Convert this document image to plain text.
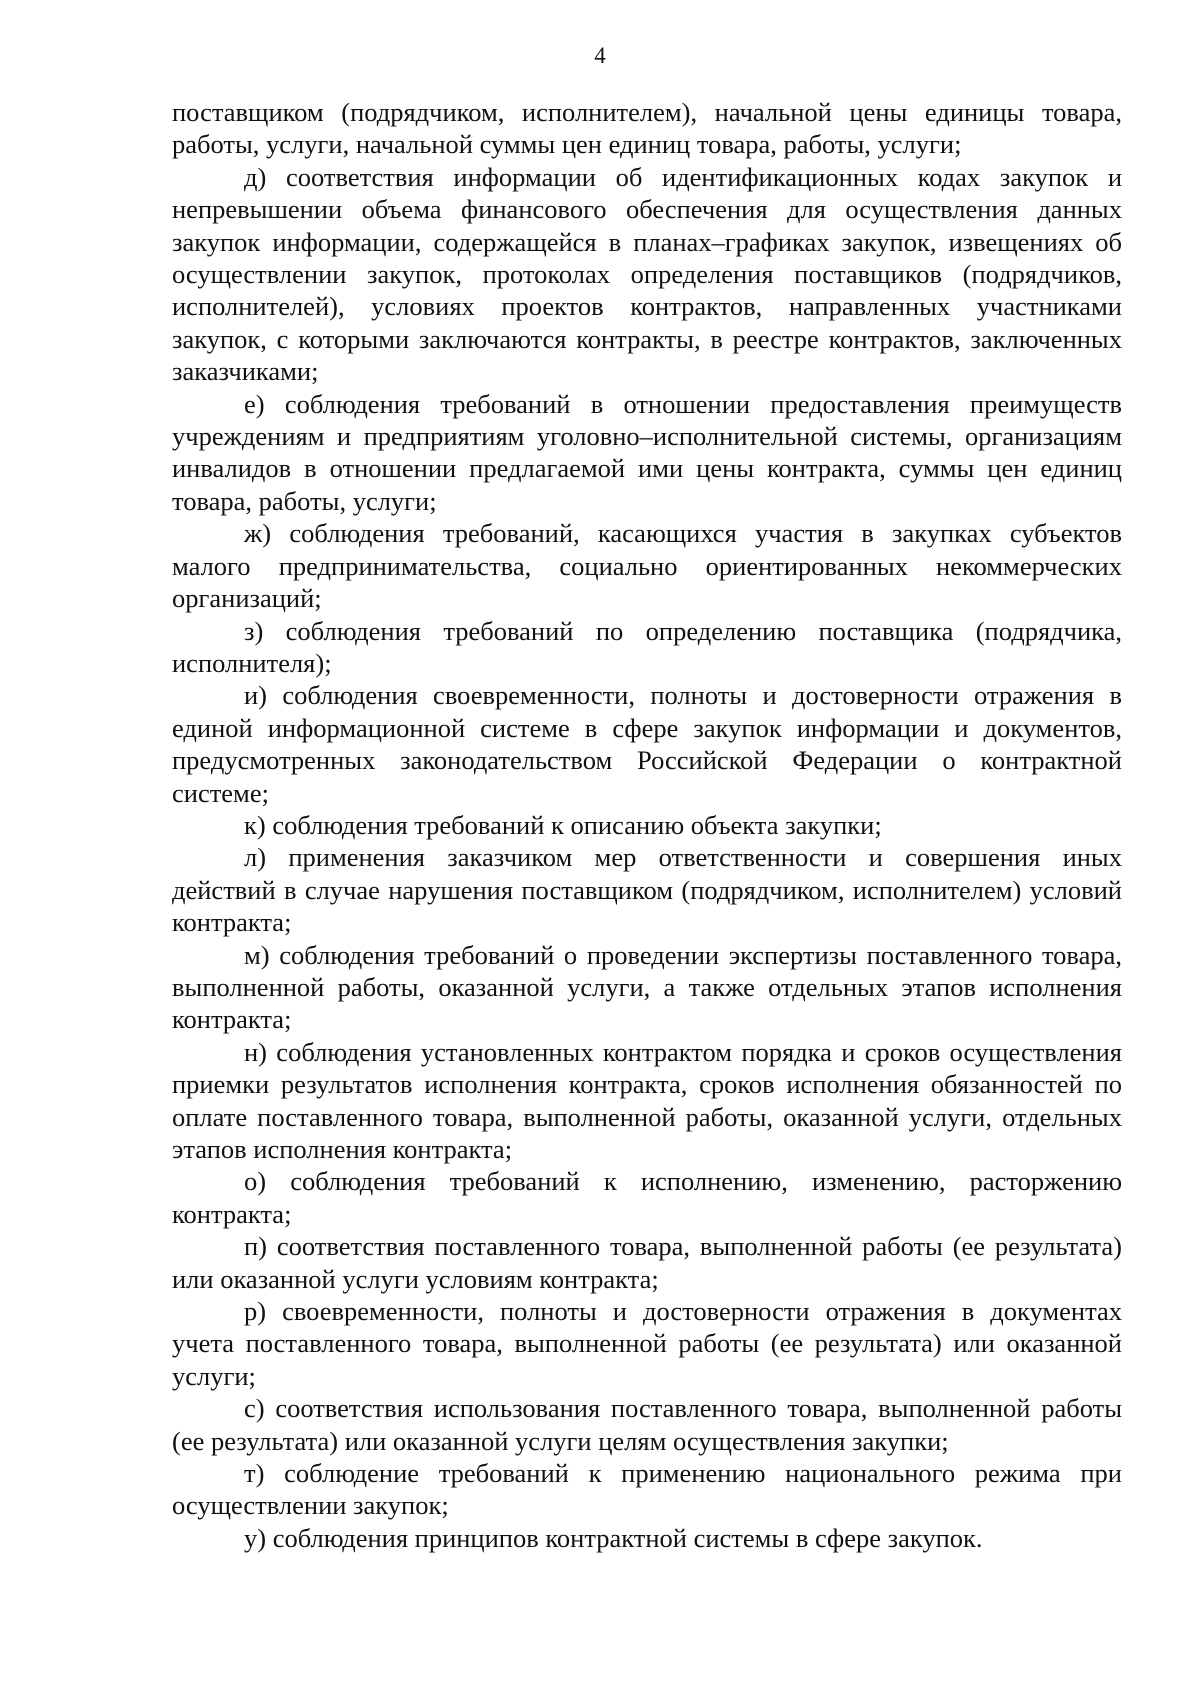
4

поставщиком (подрядчиком, исполнителем), начальной цены единицы товара, работы, услуги, начальной суммы цен единиц товара, работы, услуги;

д) соответствия информации об идентификационных кодах закупок и непревышении объема финансового обеспечения для осуществления данных закупок информации, содержащейся в планах–графиках закупок, извещениях об осуществлении закупок, протоколах определения поставщиков (подрядчиков, исполнителей), условиях проектов контрактов, направленных участниками закупок, с которыми заключаются контракты, в реестре контрактов, заключенных заказчиками;

е) соблюдения требований в отношении предоставления преимуществ учреждениям и предприятиям уголовно–исполнительной системы, организациям инвалидов в отношении предлагаемой ими цены контракта, суммы цен единиц товара, работы, услуги;

ж) соблюдения требований, касающихся участия в закупках субъектов малого предпринимательства, социально ориентированных некоммерческих организаций;

з) соблюдения требований по определению поставщика (подрядчика, исполнителя);

и) соблюдения своевременности, полноты и достоверности отражения в единой информационной системе в сфере закупок информации и документов, предусмотренных законодательством Российской Федерации о контрактной системе;

к) соблюдения требований к описанию объекта закупки;

л) применения заказчиком мер ответственности и совершения иных действий в случае нарушения поставщиком (подрядчиком, исполнителем) условий контракта;

м) соблюдения требований о проведении экспертизы поставленного товара, выполненной работы, оказанной услуги, а также отдельных этапов исполнения контракта;

н) соблюдения установленных контрактом порядка и сроков осуществления приемки результатов исполнения контракта, сроков исполнения обязанностей по оплате поставленного товара, выполненной работы, оказанной услуги, отдельных этапов исполнения контракта;

о) соблюдения требований к исполнению, изменению, расторжению контракта;

п) соответствия поставленного товара, выполненной работы (ее результата) или оказанной услуги условиям контракта;

р) своевременности, полноты и достоверности отражения в документах учета поставленного товара, выполненной работы (ее результата) или оказанной услуги;

с) соответствия использования поставленного товара, выполненной работы (ее результата) или оказанной услуги целям осуществления закупки;

т) соблюдение требований к применению национального режима при осуществлении закупок;

у) соблюдения принципов контрактной системы в сфере закупок.
